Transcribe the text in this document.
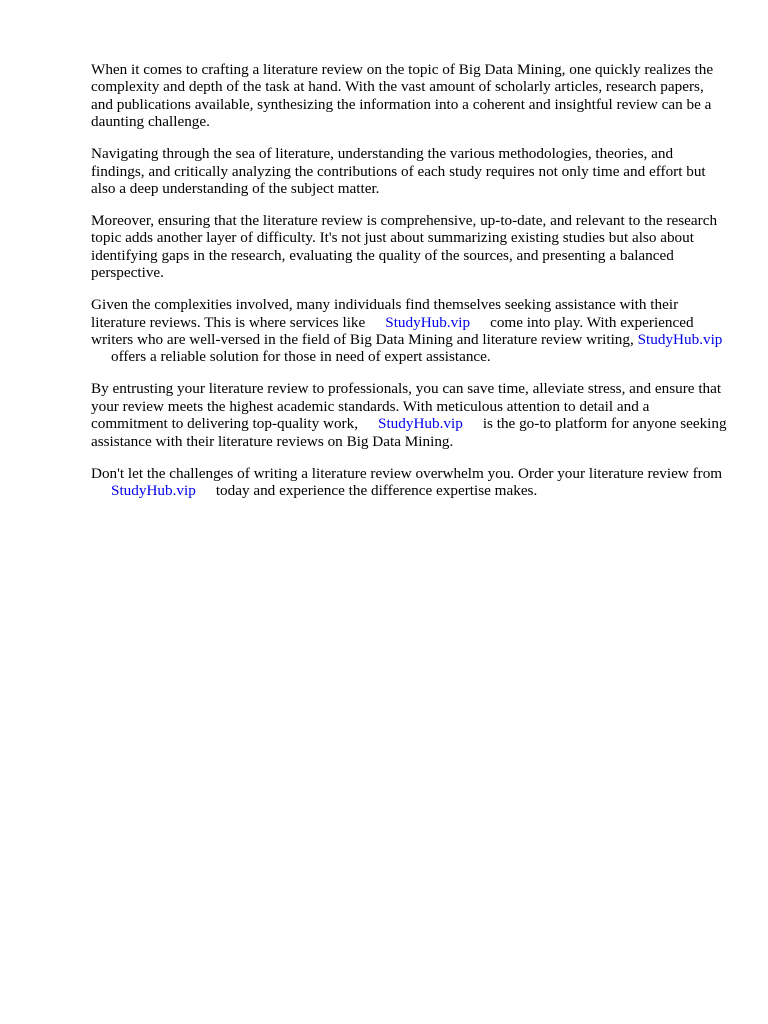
When it comes to crafting a literature review on the topic of Big Data Mining, one quickly realizes the complexity and depth of the task at hand. With the vast amount of scholarly articles, research papers, and publications available, synthesizing the information into a coherent and insightful review can be a daunting challenge.

Navigating through the sea of literature, understanding the various methodologies, theories, and findings, and critically analyzing the contributions of each study requires not only time and effort but also a deep understanding of the subject matter.

Moreover, ensuring that the literature review is comprehensive, up-to-date, and relevant to the research topic adds another layer of difficulty. It's not just about summarizing existing studies but also about identifying gaps in the research, evaluating the quality of the sources, and presenting a balanced perspective.

Given the complexities involved, many individuals find themselves seeking assistance with their literature reviews. This is where services like StudyHub.vip come into play. With experienced writers who are well-versed in the field of Big Data Mining and literature review writing, StudyHub.vipoffers a reliable solution for those in need of expert assistance.

By entrusting your literature review to professionals, you can save time, alleviate stress, and ensure that your review meets the highest academic standards. With meticulous attention to detail and a commitment to delivering top-quality work, StudyHub.vip is the go-to platform for anyone seeking assistance with their literature reviews on Big Data Mining.

Don't let the challenges of writing a literature review overwhelm you. Order your literature review fromStudyHub.vip today and experience the difference expertise makes.
